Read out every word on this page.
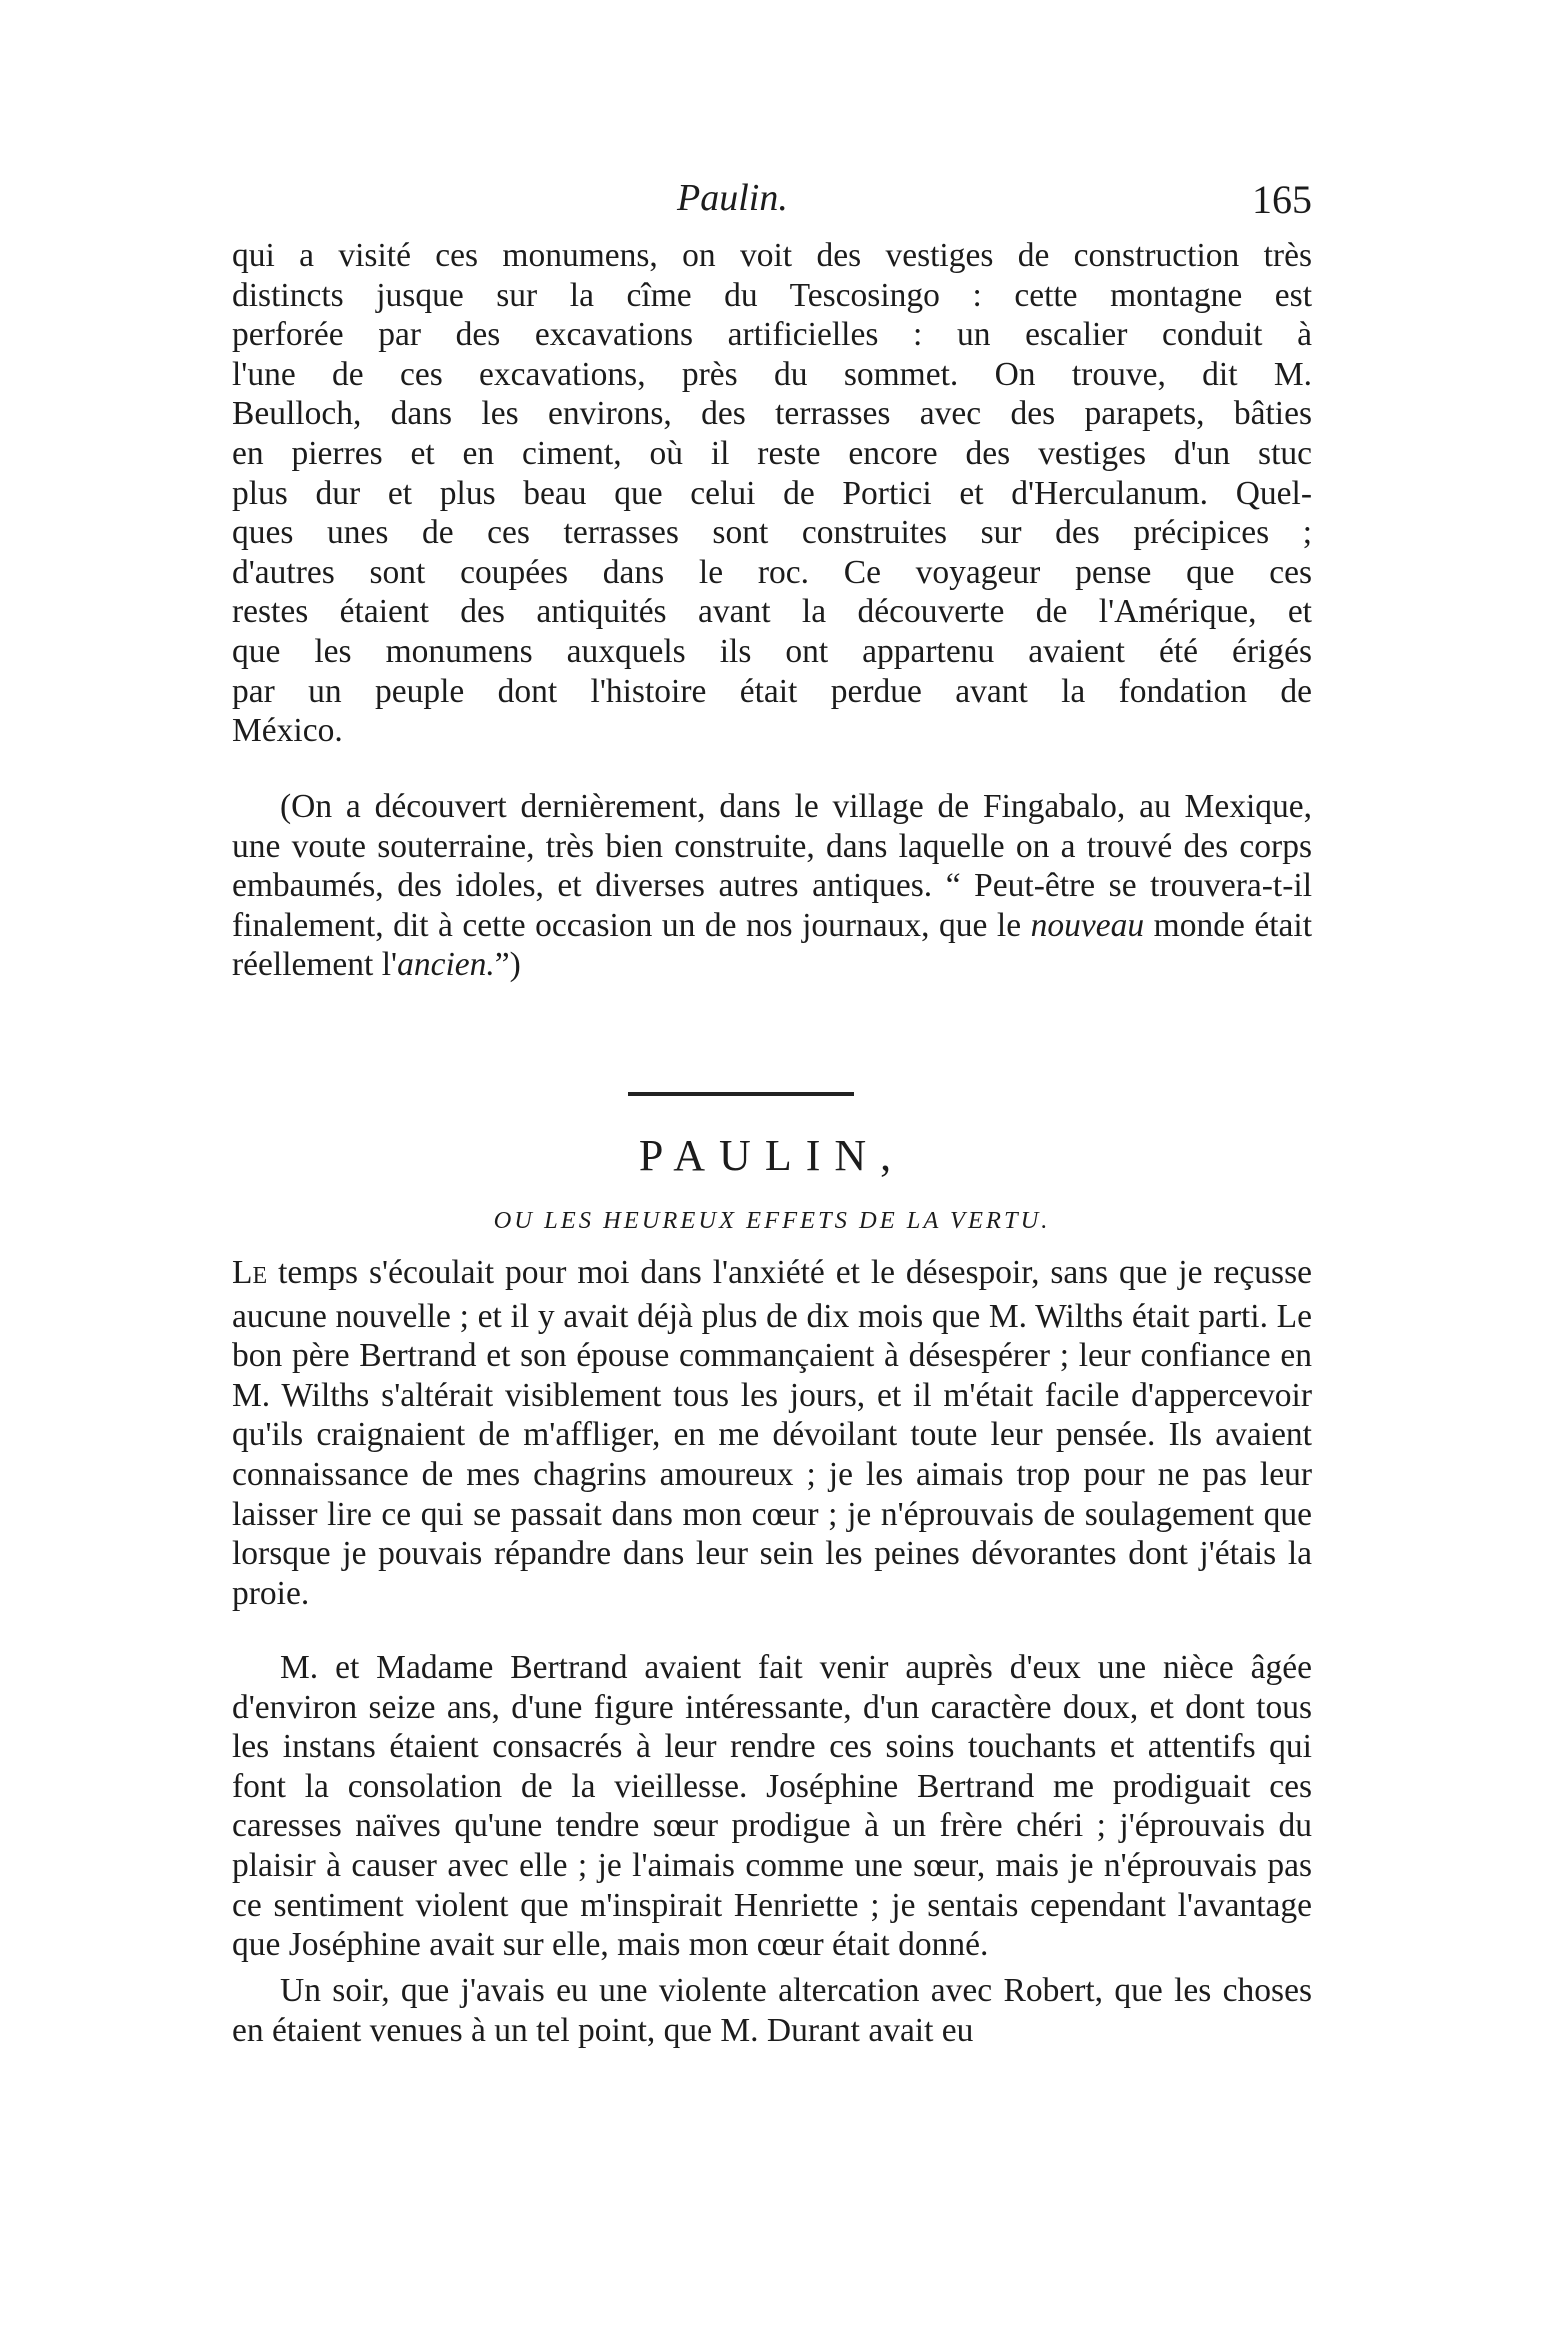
Paulin.	165
qui a visité ces monumens, on voit des vestiges de construction très
distincts jusque sur la cîme du Tescosingo : cette montagne est
perforée par des excavations artificielles : un escalier conduit à
l'une de ces excavations, près du sommet. On trouve, dit M.
Beulloch, dans les environs, des terrasses avec des parapets, bâties
en pierres et en ciment, où il reste encore des vestiges d'un stuc
plus dur et plus beau que celui de Portici et d'Herculanum. Quel-
ques unes de ces terrasses sont construites sur des précipices ;
d'autres sont coupées dans le roc. Ce voyageur pense que ces
restes étaient des antiquités avant la découverte de l'Amérique, et
que les monumens auxquels ils ont appartenu avaient été érigés
par un peuple dont l'histoire était perdue avant la fondation de
México.

(On a découvert dernièrement, dans le village de Fingabalo, au Mexique, une voute souterraine, très bien construite, dans laquelle on a trouvé des corps embaumés, des idoles, et diverses autres antiques. “ Peut-être se trouvera-t-il finalement, dit à cette occasion un de nos journaux, que le nouveau monde était réellement l'ancien.”)

PAULIN,
OU LES HEUREUX EFFETS DE LA VERTU.

LE temps s'écoulait pour moi dans l'anxiété et le désespoir, sans que je reçusse aucune nouvelle ; et il y avait déjà plus de dix mois que M. Wilths était parti. Le bon père Bertrand et son épouse commançaient à désespérer ; leur confiance en M. Wilths s'altérait visiblement tous les jours, et il m'était facile d'appercevoir qu'ils craignaient de m'affliger, en me dévoilant toute leur pensée. Ils avaient connaissance de mes chagrins amoureux ; je les aimais trop pour ne pas leur laisser lire ce qui se passait dans mon cœur ; je n'éprouvais de soulagement que lorsque je pouvais répandre dans leur sein les peines dévorantes dont j'étais la proie.

M. et Madame Bertrand avaient fait venir auprès d'eux une nièce âgée d'environ seize ans, d'une figure intéressante, d'un caractère doux, et dont tous les instans étaient consacrés à leur rendre ces soins touchants et attentifs qui font la consolation de la vieillesse. Joséphine Bertrand me prodiguait ces caresses naïves qu'une tendre sœur prodigue à un frère chéri ; j'éprouvais du plaisir à causer avec elle ; je l'aimais comme une sœur, mais je n'éprouvais pas ce sentiment violent que m'inspirait Henriette ; je sentais cependant l'avantage que Joséphine avait sur elle, mais mon cœur était donné.

Un soir, que j'avais eu une violente altercation avec Robert, que les choses en étaient venues à un tel point, que M. Durant avait eu
